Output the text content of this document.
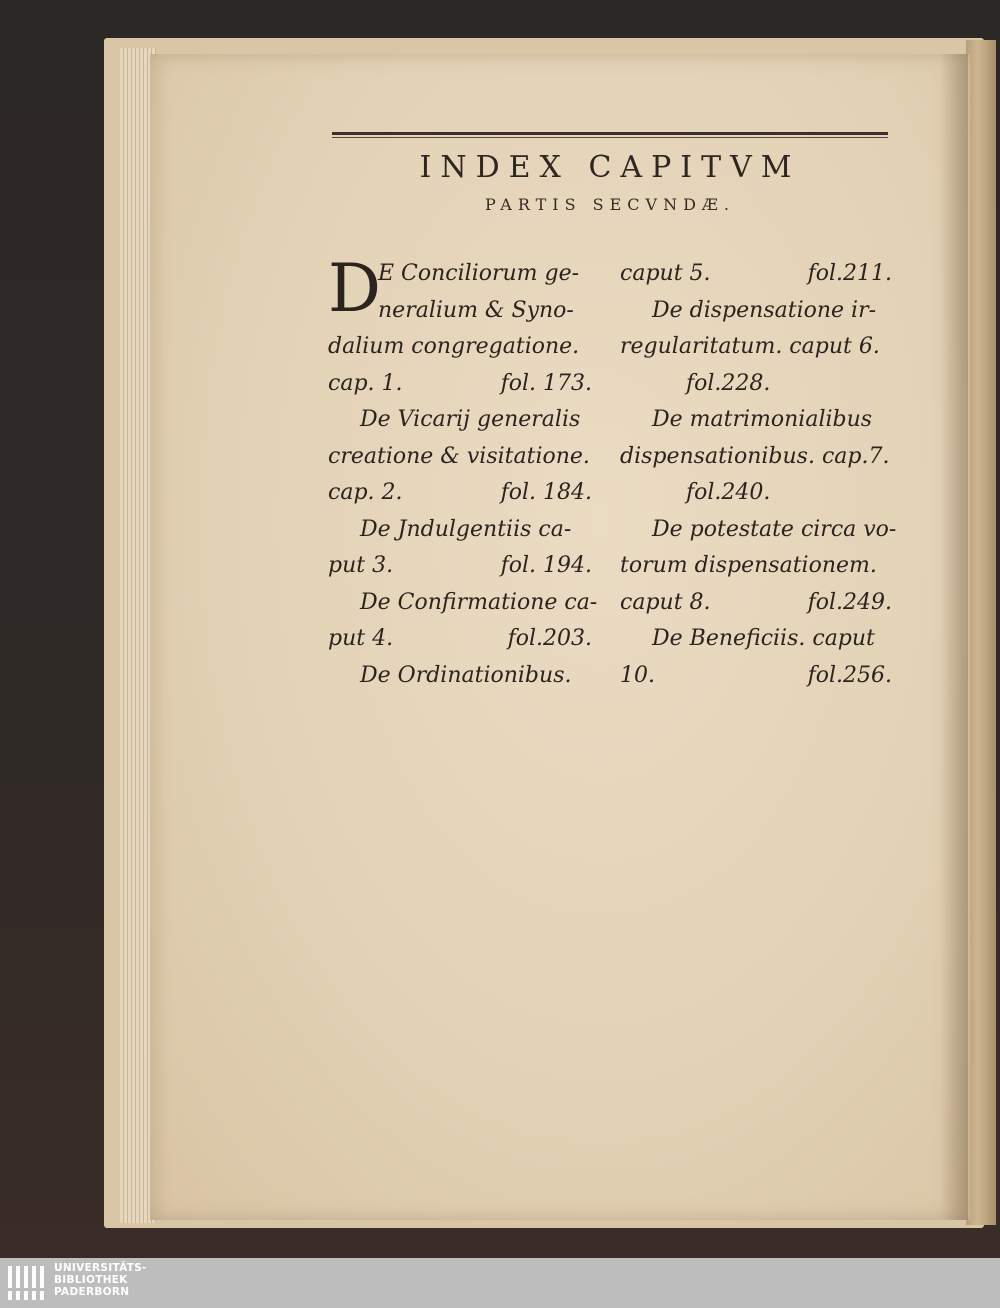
INDEX CAPITVM
PARTIS SECVNDÆ.
D
E Conciliorum ge-
neralium & Syno-
dalium congregatione.
cap. 1.	fol. 173.
De Vicarij generalis
creatione & visitatione.
cap. 2.	fol. 184.
De Jndulgentiis ca-
put 3.	fol. 194.
De Confirmatione ca-
put 4.	fol.203.
De Ordinationibus.
caput 5.	fol.211.
De dispensatione ir-
regularitatum. caput 6.
fol.228.
De matrimonialibus
dispensationibus. cap.7.
fol.240.
De potestate circa vo-
torum dispensationem.
caput 8.	fol.249.
De Beneficiis. caput
10.	fol.256.
UNIVERSITÄTS-
BIBLIOTHEK
PADERBORN
